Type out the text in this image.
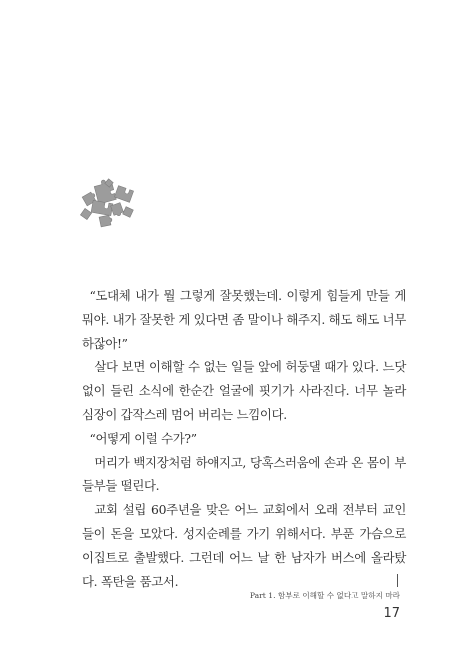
“도대체 내가 뭘 그렇게 잘못했는데. 이렇게 힘들게 만들 게 뭐야. 내가 잘못한 게 있다면 좀 말이나 해주지. 해도 해도 너무 하잖아!”

살다 보면 이해할 수 없는 일들 앞에 허둥댈 때가 있다. 느닷없이 들린 소식에 한순간 얼굴에 핏기가 사라진다. 너무 놀라 심장이 갑작스레 멈어 버리는 느낌이다.

“어떻게 이럴 수가?”

머리가 백지장처럼 하얘지고, 당혹스러움에 손과 온 몸이 부들부들 떨린다.

교회 설립 60주년을 맞은 어느 교회에서 오래 전부터 교인들이 돈을 모았다. 성지순례를 가기 위해서다. 부푼 가슴으로 이집트로 출발했다. 그런데 어느 날 한 남자가 버스에 올라탔다. 폭탄을 품고서.

Part 1. 함부로 이해할 수 없다고 말하지 마라
17
